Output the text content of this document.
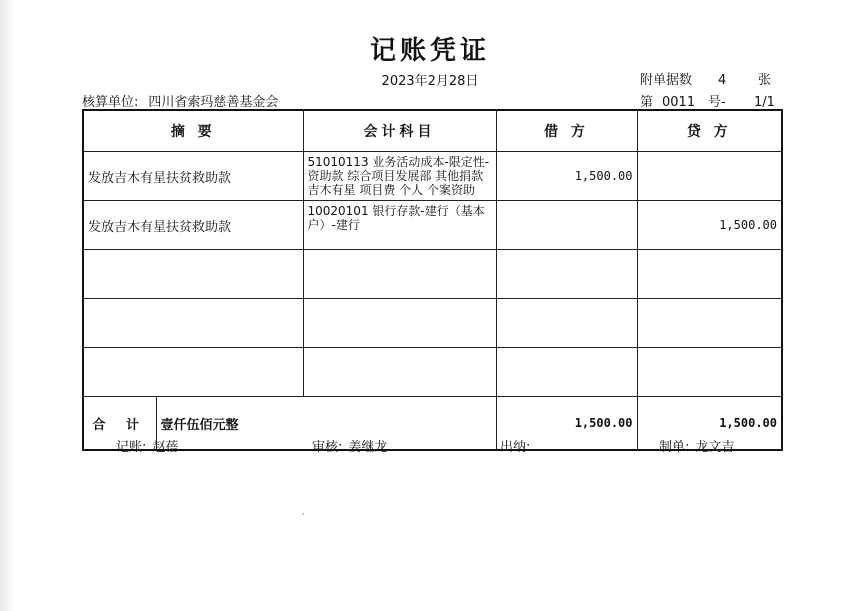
记账凭证
2023年2月28日	附单据数 4 张
核算单位: 四川省索玛慈善基金会	第 0011 号- 1/1
摘 要		会计科目	借 方	贷 方
发放吉木有星扶贫救助款		51010113 业务活动成本-限定性-资助款 综合项目发展部 其他捐款 吉木有星 项目费 个人 个案资助	1,500.00	
发放吉木有星扶贫救助款		10020101 银行存款-建行（基本户）-建行		1,500.00

合 计	壹仟伍佰元整		1,500.00	1,500.00
记账: 赵蓓	审核: 姜继龙	出纳:	制单: 龙文吉
